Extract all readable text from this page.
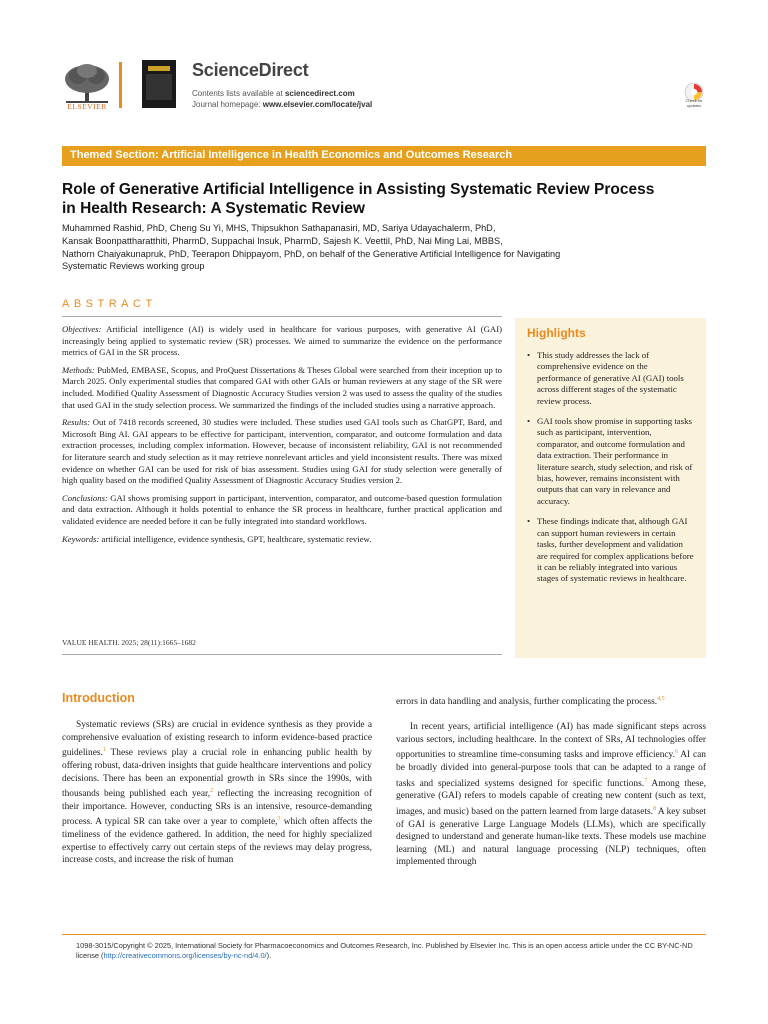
ELSEVIER
ScienceDirect
Contents lists available at sciencedirect.com
Journal homepage: www.elsevier.com/locate/jval	Check for updates
Themed Section: Artificial Intelligence in Health Economics and Outcomes Research
Role of Generative Artificial Intelligence in Assisting Systematic Review Process in Health Research: A Systematic Review
Muhammed Rashid, PhD, Cheng Su Yi, MHS, Thipsukhon Sathapanasiri, MD, Sariya Udayachalerm, PhD,
Kansak Boonpattharatthiti, PharmD, Suppachai Insuk, PharmD, Sajesh K. Veettil, PhD, Nai Ming Lai, MBBS,
Nathorn Chaiyakunapruk, PhD, Teerapon Dhippayom, PhD, on behalf of the Generative Artificial Intelligence for Navigating
Systematic Reviews working group
ABSTRACT

Objectives: Artificial intelligence (AI) is widely used in healthcare for various purposes, with generative AI (GAI) increasingly being applied to systematic review (SR) processes. We aimed to summarize the evidence on the performance metrics of GAI in the SR process.

Methods: PubMed, EMBASE, Scopus, and ProQuest Dissertations & Theses Global were searched from their inception up to March 2025. Only experimental studies that compared GAI with other GAIs or human reviewers at any stage of the SR were included. Modified Quality Assessment of Diagnostic Accuracy Studies version 2 was used to assess the quality of the studies that used GAI in the study selection process. We summarized the findings of the included studies using a narrative approach.

Results: Out of 7418 records screened, 30 studies were included. These studies used GAI tools such as ChatGPT, Bard, and Microsoft Bing AI. GAI appears to be effective for participant, intervention, comparator, and outcome formulation and data extraction processes, including complex information. However, because of inconsistent reliability, GAI is not recommended for literature search and study selection as it may retrieve nonrelevant articles and yield inconsistent results. There was mixed evidence on whether GAI can be used for risk of bias assessment. Studies using GAI for study selection were generally of high quality based on the modified Quality Assessment of Diagnostic Accuracy Studies version 2.

Conclusions: GAI shows promising support in participant, intervention, comparator, and outcome-based question formulation and data extraction. Although it holds potential to enhance the SR process in healthcare, further practical application and validated evidence are needed before it can be fully integrated into standard workflows.

Keywords: artificial intelligence, evidence synthesis, GPT, healthcare, systematic review.

VALUE HEALTH. 2025; 28(11):1665–1682
Highlights
• This study addresses the lack of comprehensive evidence on the performance of generative AI (GAI) tools across different stages of the systematic review process.
• GAI tools show promise in supporting tasks such as participant, intervention, comparator, and outcome formulation and data extraction. Their performance in literature search, study selection, and risk of bias, however, remains inconsistent with outputs that can vary in relevance and accuracy.
• These findings indicate that, although GAI can support human reviewers in certain tasks, further development and validation are required for complex applications before it can be reliably integrated into various stages of systematic reviews in healthcare.
Introduction
Systematic reviews (SRs) are crucial in evidence synthesis as they provide a comprehensive evaluation of existing research to inform evidence-based practice guidelines.$^1$ These reviews play a crucial role in enhancing public health by offering robust, data-driven insights that guide healthcare interventions and policy decisions. There has been an exponential growth in SRs since the 1990s, with thousands being published each year,$^2$ reflecting the increasing recognition of their importance. However, conducting SRs is an intensive, resource-demanding process. A typical SR can take over a year to complete,$^3$ which often affects the timeliness of the evidence gathered. In addition, the need for highly specialized expertise to effectively carry out certain steps of the reviews may delay progress, increase costs, and increase the risk of human
errors in data handling and analysis, further complicating the process.$^{4,5}$
In recent years, artificial intelligence (AI) has made significant steps across various sectors, including healthcare. In the context of SRs, AI technologies offer opportunities to streamline time-consuming tasks and improve efficiency.$^6$ AI can be broadly divided into general-purpose tools that can be adapted to a range of tasks and specialized systems designed for specific functions.$^7$ Among these, generative (GAI) refers to models capable of creating new content (such as text, images, and music) based on the pattern learned from large datasets.$^8$ A key subset of GAI is generative Large Language Models (LLMs), which are specifically designed to understand and generate human-like texts. These models use machine learning (ML) and natural language processing (NLP) techniques, often implemented through
1098-3015/Copyright © 2025, International Society for Pharmacoeconomics and Outcomes Research, Inc. Published by Elsevier Inc. This is an open access article under the CC BY-NC-ND license (http://creativecommons.org/licenses/by-nc-nd/4.0/).
